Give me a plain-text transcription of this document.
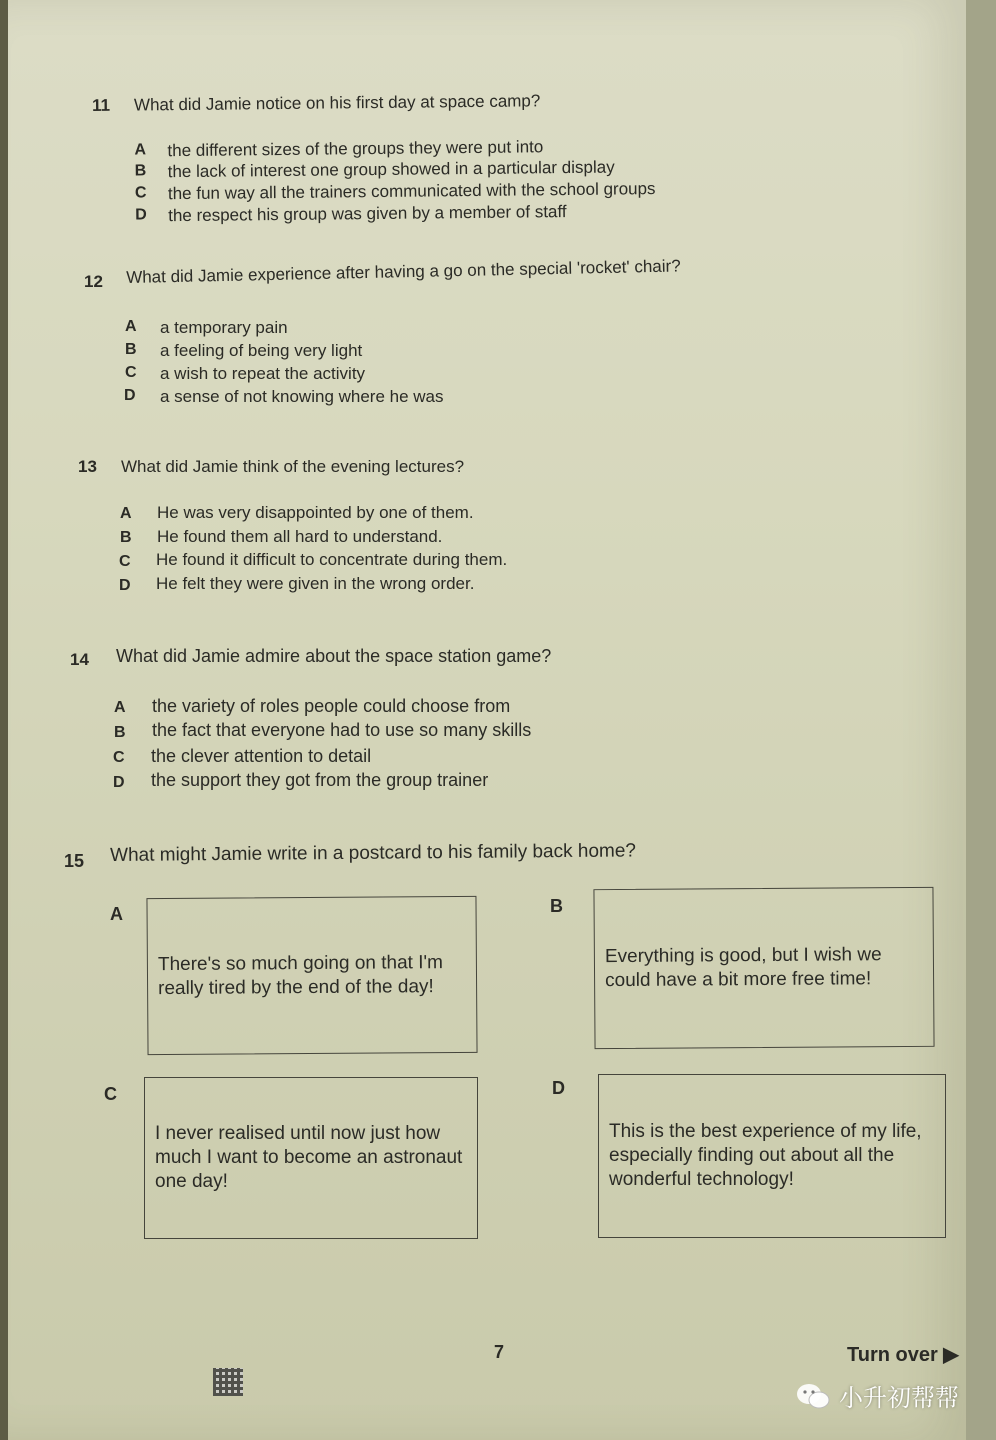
11 What did Jamie notice on his first day at space camp?
A the different sizes of the groups they were put into
B the lack of interest one group showed in a particular display
C the fun way all the trainers communicated with the school groups
D the respect his group was given by a member of staff
12 What did Jamie experience after having a go on the special 'rocket' chair?
A a temporary pain
B a feeling of being very light
C a wish to repeat the activity
D a sense of not knowing where he was
13 What did Jamie think of the evening lectures?
A He was very disappointed by one of them.
B He found them all hard to understand.
C He found it difficult to concentrate during them.
D He felt they were given in the wrong order.
14 What did Jamie admire about the space station game?
A the variety of roles people could choose from
B the fact that everyone had to use so many skills
C the clever attention to detail
D the support they got from the group trainer
15 What might Jamie write in a postcard to his family back home?
A
There's so much going on that I'm really tired by the end of the day!
B
Everything is good, but I wish we could have a bit more free time!
C
I never realised until now just how much I want to become an astronaut one day!
D
This is the best experience of my life, especially finding out about all the wonderful technology!
7	Turn over ▶
小升初帮帮
